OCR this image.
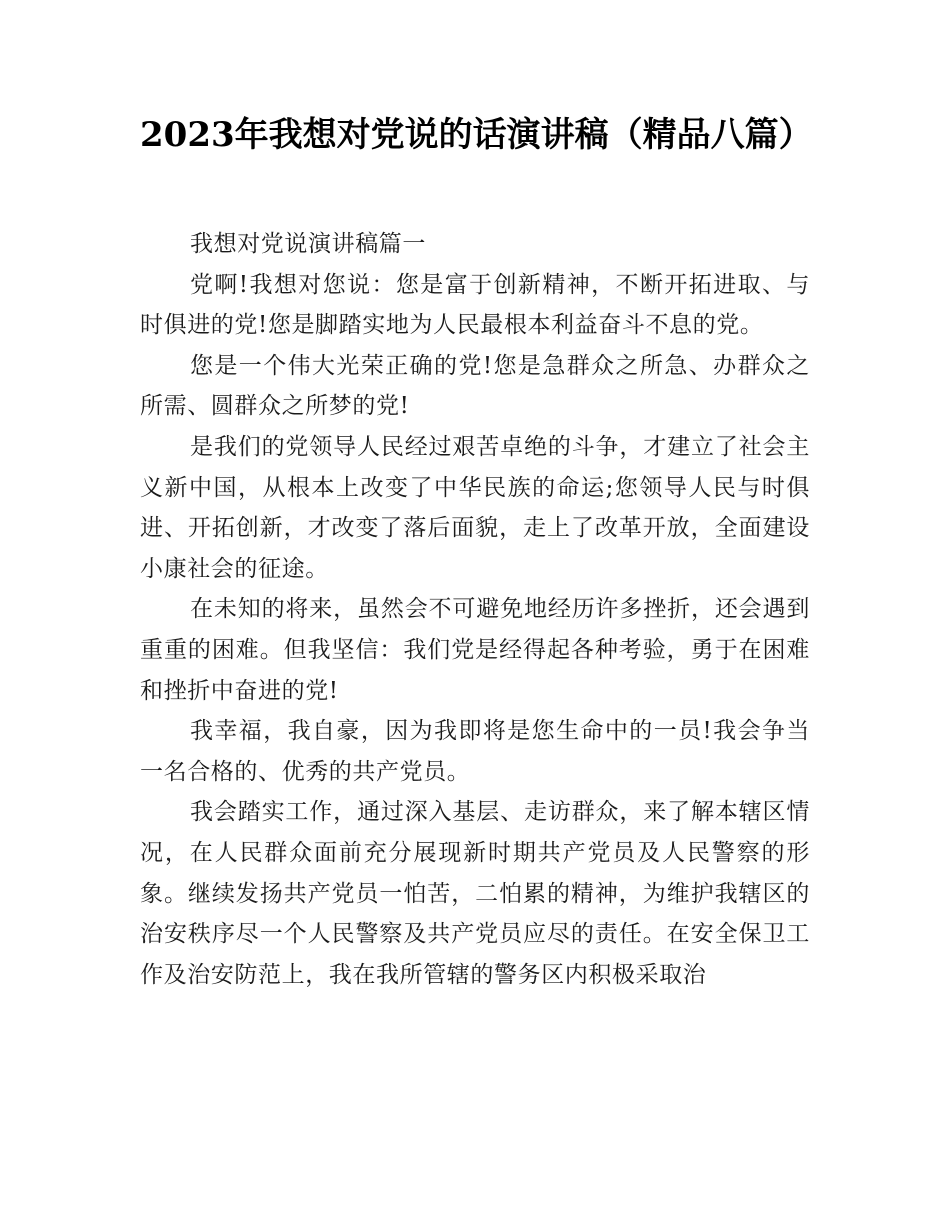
2023年我想对党说的话演讲稿（精品八篇）

我想对党说演讲稿篇一

党啊!我想对您说：您是富于创新精神，不断开拓进取、与时俱进的党!您是脚踏实地为人民最根本利益奋斗不息的党。

您是一个伟大光荣正确的党!您是急群众之所急、办群众之所需、圆群众之所梦的党!

是我们的党领导人民经过艰苦卓绝的斗争，才建立了社会主义新中国，从根本上改变了中华民族的命运;您领导人民与时俱进、开拓创新，才改变了落后面貌，走上了改革开放，全面建设小康社会的征途。

在未知的将来，虽然会不可避免地经历许多挫折，还会遇到重重的困难。但我坚信：我们党是经得起各种考验，勇于在困难和挫折中奋进的党!

我幸福，我自豪，因为我即将是您生命中的一员!我会争当一名合格的、优秀的共产党员。

我会踏实工作，通过深入基层、走访群众，来了解本辖区情况，在人民群众面前充分展现新时期共产党员及人民警察的形象。继续发扬共产党员一怕苦，二怕累的精神，为维护我辖区的治安秩序尽一个人民警察及共产党员应尽的责任。在安全保卫工作及治安防范上，我在我所管辖的警务区内积极采取治
